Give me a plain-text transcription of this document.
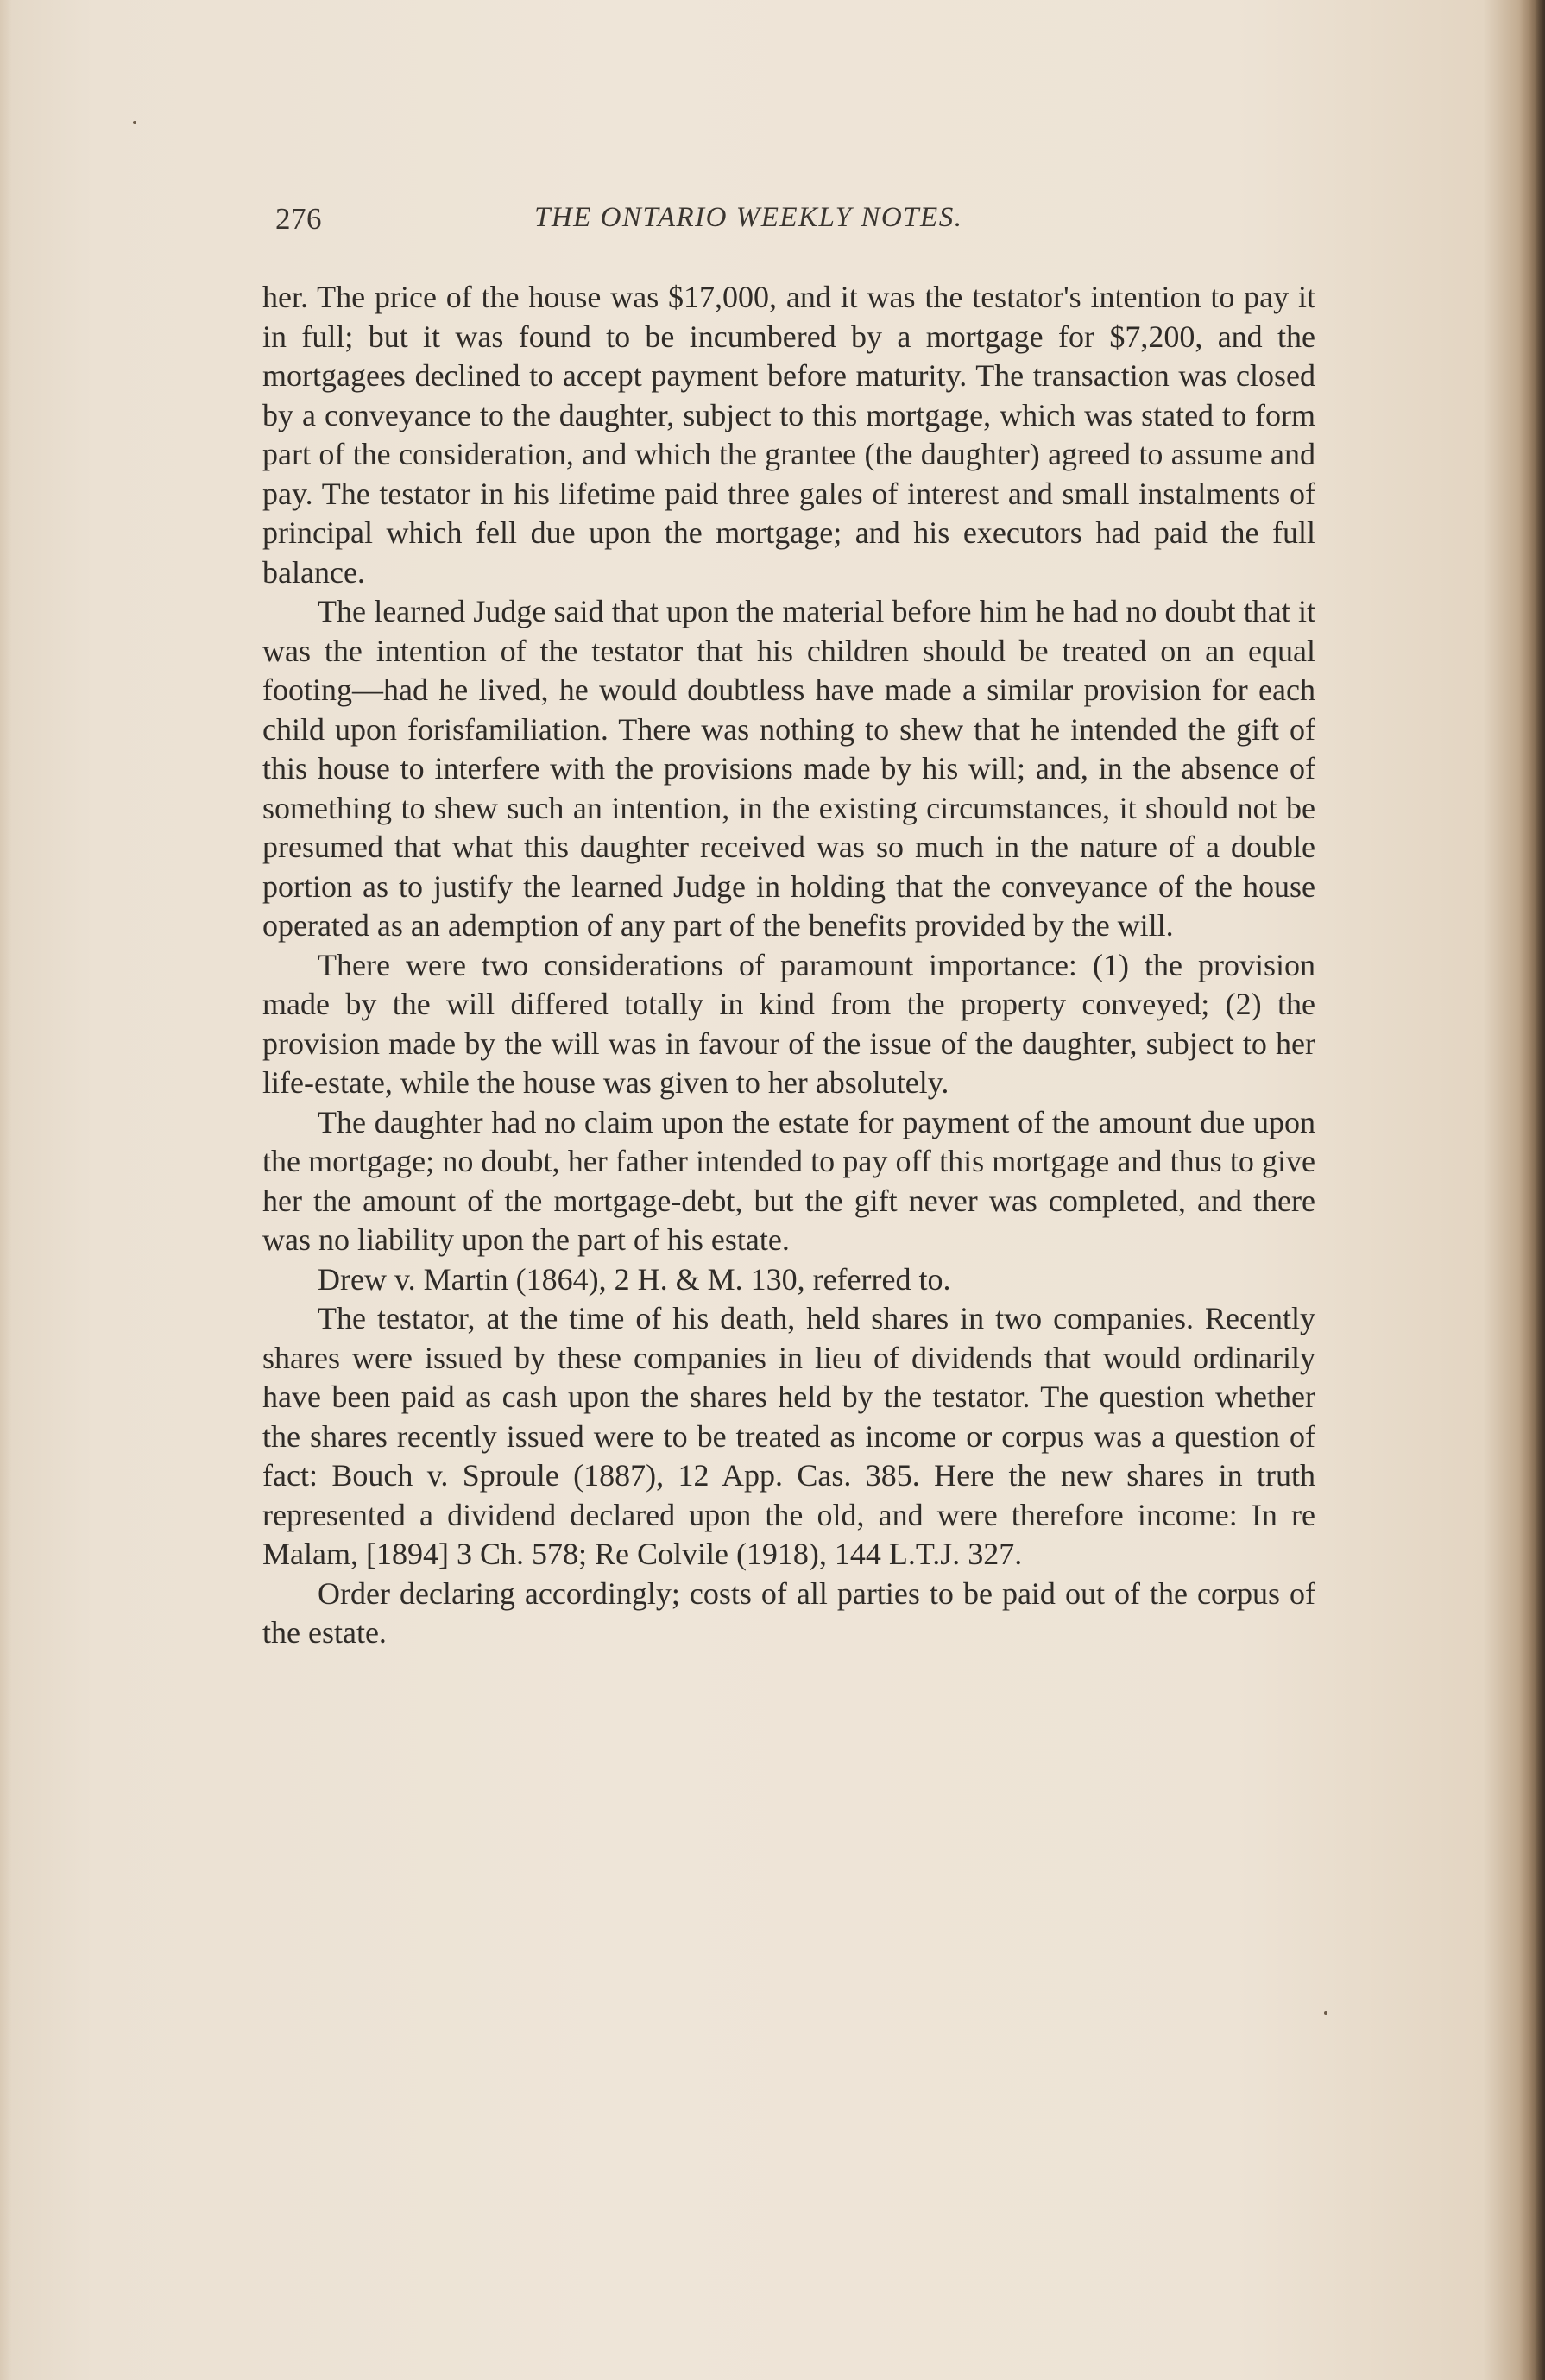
276	THE ONTARIO WEEKLY NOTES.

her. The price of the house was $17,000, and it was the testator's intention to pay it in full; but it was found to be incumbered by a mortgage for $7,200, and the mortgagees declined to accept payment before maturity. The transaction was closed by a conveyance to the daughter, subject to this mortgage, which was stated to form part of the consideration, and which the grantee (the daughter) agreed to assume and pay. The testator in his lifetime paid three gales of interest and small instalments of principal which fell due upon the mortgage; and his executors had paid the full balance.

The learned Judge said that upon the material before him he had no doubt that it was the intention of the testator that his children should be treated on an equal footing—had he lived, he would doubtless have made a similar provision for each child upon forisfamiliation. There was nothing to shew that he intended the gift of this house to interfere with the provisions made by his will; and, in the absence of something to shew such an intention, in the existing circumstances, it should not be presumed that what this daughter received was so much in the nature of a double portion as to justify the learned Judge in holding that the conveyance of the house operated as an ademption of any part of the benefits provided by the will.

There were two considerations of paramount importance: (1) the provision made by the will differed totally in kind from the property conveyed; (2) the provision made by the will was in favour of the issue of the daughter, subject to her life-estate, while the house was given to her absolutely.

The daughter had no claim upon the estate for payment of the amount due upon the mortgage; no doubt, her father intended to pay off this mortgage and thus to give her the amount of the mortgage-debt, but the gift never was completed, and there was no liability upon the part of his estate.

Drew v. Martin (1864), 2 H. & M. 130, referred to.

The testator, at the time of his death, held shares in two companies. Recently shares were issued by these companies in lieu of dividends that would ordinarily have been paid as cash upon the shares held by the testator. The question whether the shares recently issued were to be treated as income or corpus was a question of fact: Bouch v. Sproule (1887), 12 App. Cas. 385. Here the new shares in truth represented a dividend declared upon the old, and were therefore income: In re Malam, [1894] 3 Ch. 578; Re Colvile (1918), 144 L.T.J. 327.

Order declaring accordingly; costs of all parties to be paid out of the corpus of the estate.
